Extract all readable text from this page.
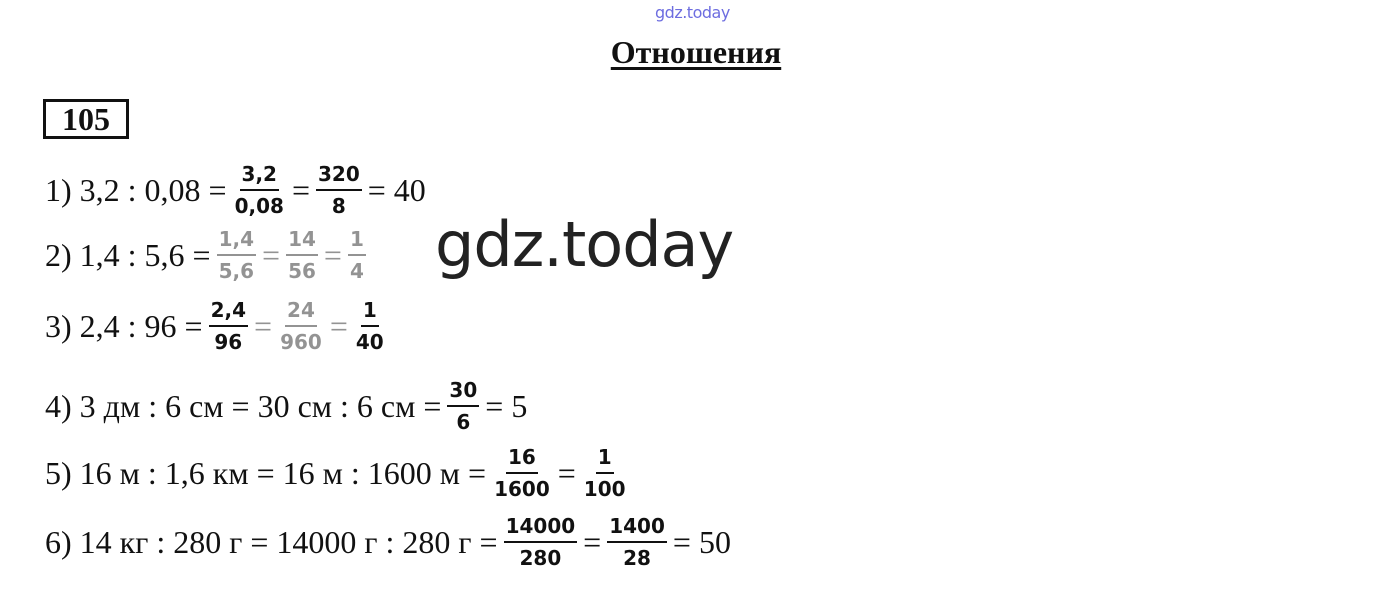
gdz.today
Отношения
105
1) 3,2 : $0,08 = \frac{3,2}{0,08} = \frac{320}{8} = 40$
2) 1,4 : $5,6 = \frac{1,4}{5,6} = \frac{14}{56} = \frac{1}{4}$
3) 2,4 : $96 = \frac{2,4}{96} = \frac{24}{960} = \frac{1}{40}$
4) 3 дм : 6 см = 30 см : 6 см = $\frac{30}{6} = 5$
5) 16 м : 1,6 км = 16 м : 1600 $м = \frac{16}{1600} = \frac{1}{100}$
6) 14 кг : 280 г = 14000 г : 280 $г = \frac{14000}{280} = \frac{1400}{28} = 50$
gdz.today
